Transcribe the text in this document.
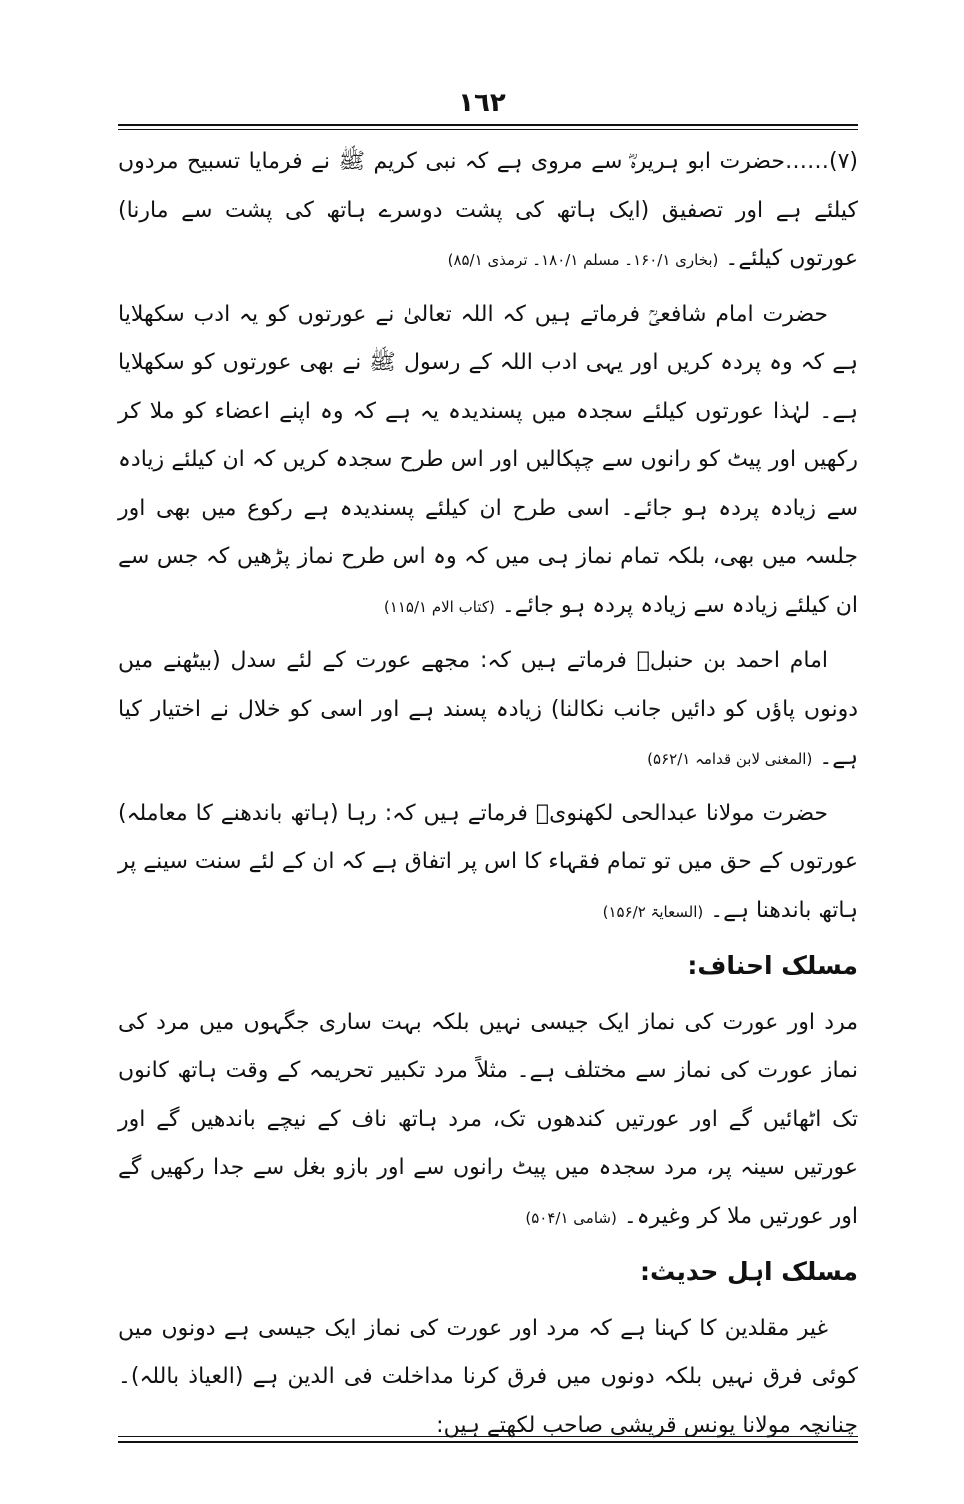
١٦٢

(۷)……حضرت ابو ہریرہؓ سے مروی ہے کہ نبی کریم ﷺ نے فرمایا تسبیح مردوں کیلئے ہے اور تصفیق (ایک ہاتھ کی پشت دوسرے ہاتھ کی پشت سے مارنا) عورتوں کیلئے۔ (بخاری ۱۶۰/۱۔ مسلم ۱۸۰/۱۔ ترمذی ۸۵/۱)

حضرت امام شافعیؒ فرماتے ہیں کہ اللہ تعالیٰ نے عورتوں کو یہ ادب سکھلایا ہے کہ وہ پردہ کریں اور یہی ادب اللہ کے رسول ﷺ نے بھی عورتوں کو سکھلایا ہے۔ لہٰذا عورتوں کیلئے سجدہ میں پسندیدہ یہ ہے کہ وہ اپنے اعضاء کو ملا کر رکھیں اور پیٹ کو رانوں سے چپکالیں اور اس طرح سجدہ کریں کہ ان کیلئے زیادہ سے زیادہ پردہ ہو جائے۔ اسی طرح ان کیلئے پسندیدہ ہے رکوع میں بھی اور جلسہ میں بھی، بلکہ تمام نماز ہی میں کہ وہ اس طرح نماز پڑھیں کہ جس سے ان کیلئے زیادہ سے زیادہ پردہ ہو جائے۔ (کتاب الام ۱۱۵/۱)

امام احمد بن حنبلؒ فرماتے ہیں کہ: مجھے عورت کے لئے سدل (بیٹھنے میں دونوں پاؤں کو دائیں جانب نکالنا) زیادہ پسند ہے اور اسی کو خلال نے اختیار کیا ہے۔ (المغنی لابن قدامہ ۵۶۲/۱)

حضرت مولانا عبدالحی لکھنویؒ فرماتے ہیں کہ: رہا (ہاتھ باندھنے کا معاملہ) عورتوں کے حق میں تو تمام فقہاء کا اس پر اتفاق ہے کہ ان کے لئے سنت سینے پر ہاتھ باندھنا ہے۔ (السعایۃ ۱۵۶/۲)

مسلک احناف:

مرد اور عورت کی نماز ایک جیسی نہیں بلکہ بہت ساری جگہوں میں مرد کی نماز عورت کی نماز سے مختلف ہے۔ مثلاً مرد تکبیر تحریمہ کے وقت ہاتھ کانوں تک اٹھائیں گے اور عورتیں کندھوں تک، مرد ہاتھ ناف کے نیچے باندھیں گے اور عورتیں سینہ پر، مرد سجدہ میں پیٹ رانوں سے اور بازو بغل سے جدا رکھیں گے اور عورتیں ملا کر وغیرہ۔ (شامی ۵۰۴/۱)

مسلک اہل حدیث:

غیر مقلدین کا کہنا ہے کہ مرد اور عورت کی نماز ایک جیسی ہے دونوں میں کوئی فرق نہیں بلکہ دونوں میں فرق کرنا مداخلت فی الدین ہے (العیاذ باللہ)۔ چنانچہ مولانا یونس قریشی صاحب لکھتے ہیں:
